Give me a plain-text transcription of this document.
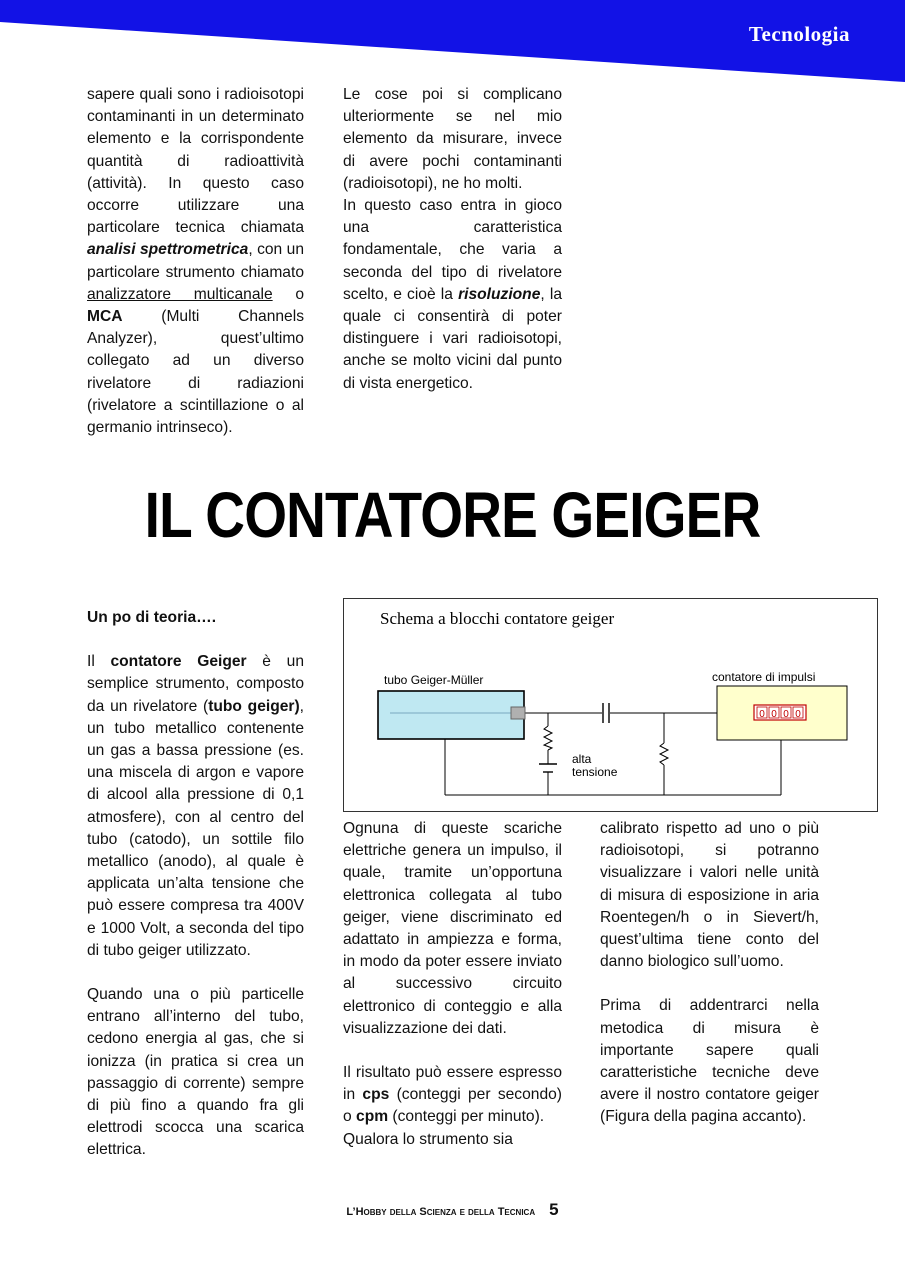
Tecnologia

sapere quali sono i radioisotopi contaminanti in un determinato elemento e la corrispondente quantità di radioattività (attività). In questo caso occorre utilizzare una particolare tecnica chiamata analisi spettrometrica, con un particolare strumento chiamato analizzatore multicanale o MCA (Multi Channels Analyzer), quest’ultimo collegato ad un diverso rivelatore di radiazioni (rivelatore a scintillazione o al germanio intrinseco).

Le cose poi si complicano ulteriormente se nel mio elemento da misurare, invece di avere pochi contaminanti (radioisotopi), ne ho molti.

In questo caso entra in gioco una caratteristica fondamentale, che varia a seconda del tipo di rivelatore scelto, e cioè la risoluzione, la quale ci consentirà di poter distinguere i vari radioisotopi, anche se molto vicini dal punto di vista energetico.

IL CONTATORE GEIGER

Un po di teoria….

Il contatore Geiger è un semplice strumento, composto da un rivelatore (tubo geiger), un tubo metallico contenente un gas a bassa pressione (es. una miscela di argon e vapore di alcool alla pressione di 0,1 atmosfere), con al centro del tubo (catodo), un sottile filo metallico (anodo), al quale è applicata un’alta tensione che può essere compresa tra 400V e 1000 Volt, a seconda del tipo di tubo geiger utilizzato.

Quando una o più particelle entrano all’interno del tubo, cedono energia al gas, che si ionizza (in pratica si crea un passaggio di corrente) sempre di più fino a quando fra gli elettrodi scocca una scarica elettrica.

Schema a blocchi contatore geiger
tubo Geiger-Müller	contatore di impulsi
alta
tensione
0 0 0 0

Ognuna di queste scariche elettriche genera un impulso, il quale, tramite un’opportuna elettronica collegata al tubo geiger, viene discriminato ed adattato in ampiezza e forma, in modo da poter essere inviato al successivo circuito elettronico di conteggio e alla visualizzazione dei dati.

Il risultato può essere espresso in cps (conteggi per secondo) o cpm (conteggi per minuto).

Qualora lo strumento sia

calibrato rispetto ad uno o più radioisotopi, si potranno visualizzare i valori nelle unità di misura di esposizione in aria Roentegen/h o in Sievert/h, quest’ultima tiene conto del danno biologico sull’uomo.

Prima di addentrarci nella metodica di misura è importante sapere quali caratteristiche tecniche deve avere il nostro contatore geiger (Figura della pagina accanto).

L’Hobby della Scienza e della Tecnica 5
